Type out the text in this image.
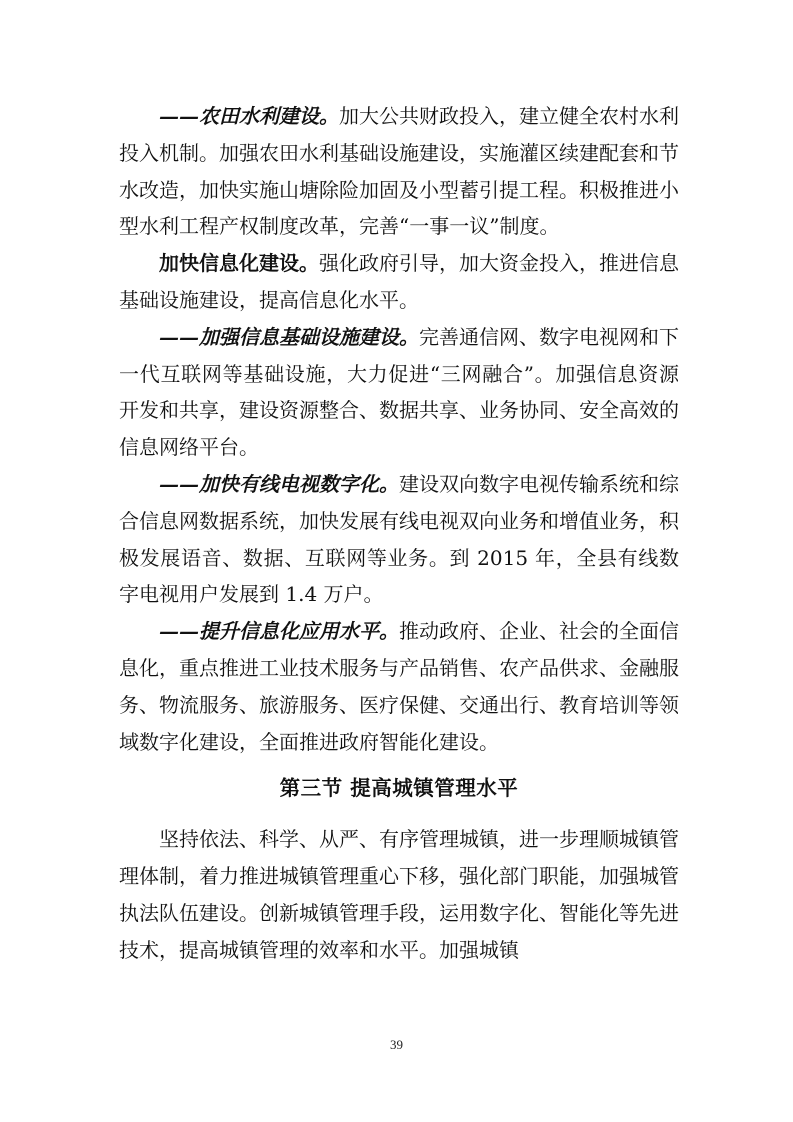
——农田水利建设。加大公共财政投入，建立健全农村水利投入机制。加强农田水利基础设施建设，实施灌区续建配套和节水改造，加快实施山塘除险加固及小型蓄引提工程。积极推进小型水利工程产权制度改革，完善“一事一议”制度。

加快信息化建设。强化政府引导，加大资金投入，推进信息基础设施建设，提高信息化水平。

——加强信息基础设施建设。完善通信网、数字电视网和下一代互联网等基础设施，大力促进“三网融合”。加强信息资源开发和共享，建设资源整合、数据共享、业务协同、安全高效的信息网络平台。

——加快有线电视数字化。建设双向数字电视传输系统和综合信息网数据系统，加快发展有线电视双向业务和增值业务，积极发展语音、数据、互联网等业务。到 2015 年，全县有线数字电视用户发展到 1.4 万户。

——提升信息化应用水平。推动政府、企业、社会的全面信息化，重点推进工业技术服务与产品销售、农产品供求、金融服务、物流服务、旅游服务、医疗保健、交通出行、教育培训等领域数字化建设，全面推进政府智能化建设。

第三节 提高城镇管理水平

坚持依法、科学、从严、有序管理城镇，进一步理顺城镇管理体制，着力推进城镇管理重心下移，强化部门职能，加强城管执法队伍建设。创新城镇管理手段，运用数字化、智能化等先进技术，提高城镇管理的效率和水平。加强城镇

39
